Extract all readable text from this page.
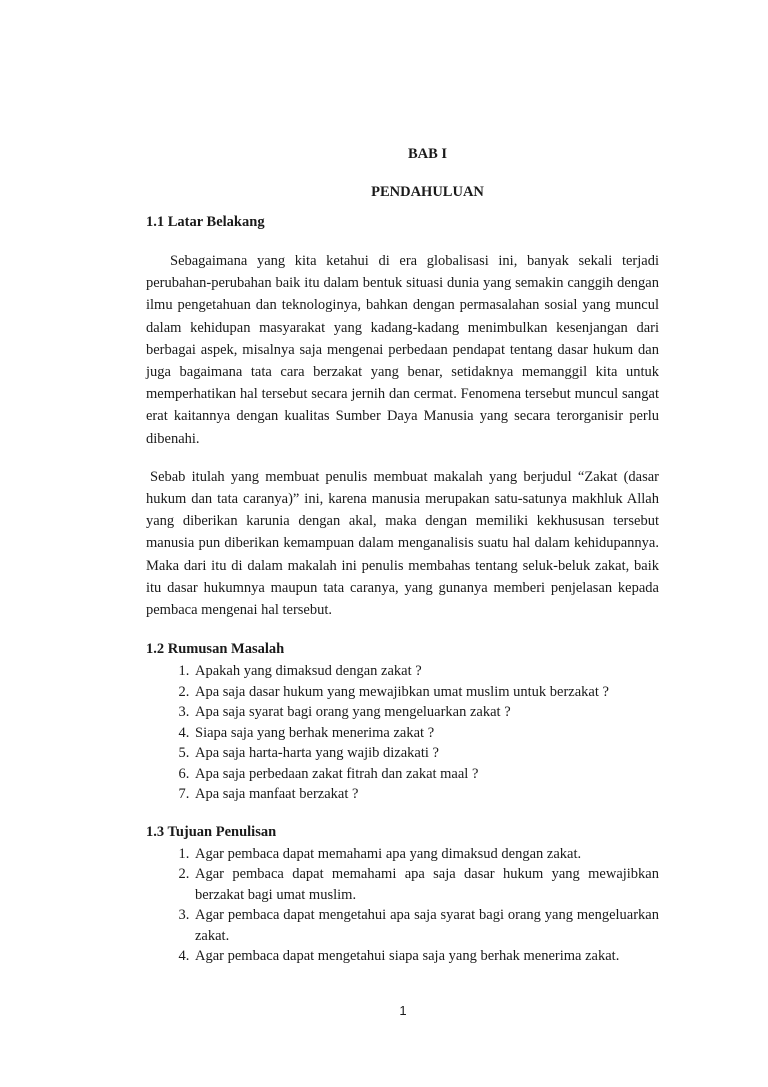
BAB I
PENDAHULUAN
1.1 Latar Belakang

Sebagaimana yang kita ketahui di era globalisasi ini, banyak sekali terjadi perubahan-perubahan baik itu dalam bentuk situasi dunia yang semakin canggih dengan ilmu pengetahuan dan teknologinya, bahkan dengan permasalahan sosial yang muncul dalam kehidupan masyarakat yang kadang-kadang menimbulkan kesenjangan dari berbagai aspek, misalnya saja mengenai perbedaan pendapat tentang dasar hukum dan juga bagaimana tata cara berzakat yang benar, setidaknya memanggil kita untuk memperhatikan hal tersebut secara jernih dan cermat. Fenomena tersebut muncul sangat erat kaitannya dengan kualitas Sumber Daya Manusia yang secara terorganisir perlu dibenahi.

Sebab itulah yang membuat penulis membuat makalah yang berjudul “Zakat (dasar hukum dan tata caranya)” ini, karena manusia merupakan satu-satunya makhluk Allah yang diberikan karunia dengan akal, maka dengan memiliki kekhususan tersebut manusia pun diberikan kemampuan dalam menganalisis suatu hal dalam kehidupannya. Maka dari itu di dalam makalah ini penulis membahas tentang seluk-beluk zakat, baik itu dasar hukumnya maupun tata caranya, yang gunanya memberi penjelasan kepada pembaca mengenai hal tersebut.

1.2 Rumusan Masalah
1. Apakah yang dimaksud dengan zakat ?
2. Apa saja dasar hukum yang mewajibkan umat muslim untuk berzakat ?
3. Apa saja syarat bagi orang yang mengeluarkan zakat ?
4. Siapa saja yang berhak menerima zakat ?
5. Apa saja harta-harta yang wajib dizakati ?
6. Apa saja perbedaan zakat fitrah dan zakat maal ?
7. Apa saja manfaat berzakat ?
1.3 Tujuan Penulisan
1. Agar pembaca dapat memahami apa yang dimaksud dengan zakat.
2. Agar pembaca dapat memahami apa saja dasar hukum yang mewajibkan berzakat bagi umat muslim.
3. Agar pembaca dapat mengetahui apa saja syarat bagi orang yang mengeluarkan zakat.
4. Agar pembaca dapat mengetahui siapa saja yang berhak menerima zakat.
1
